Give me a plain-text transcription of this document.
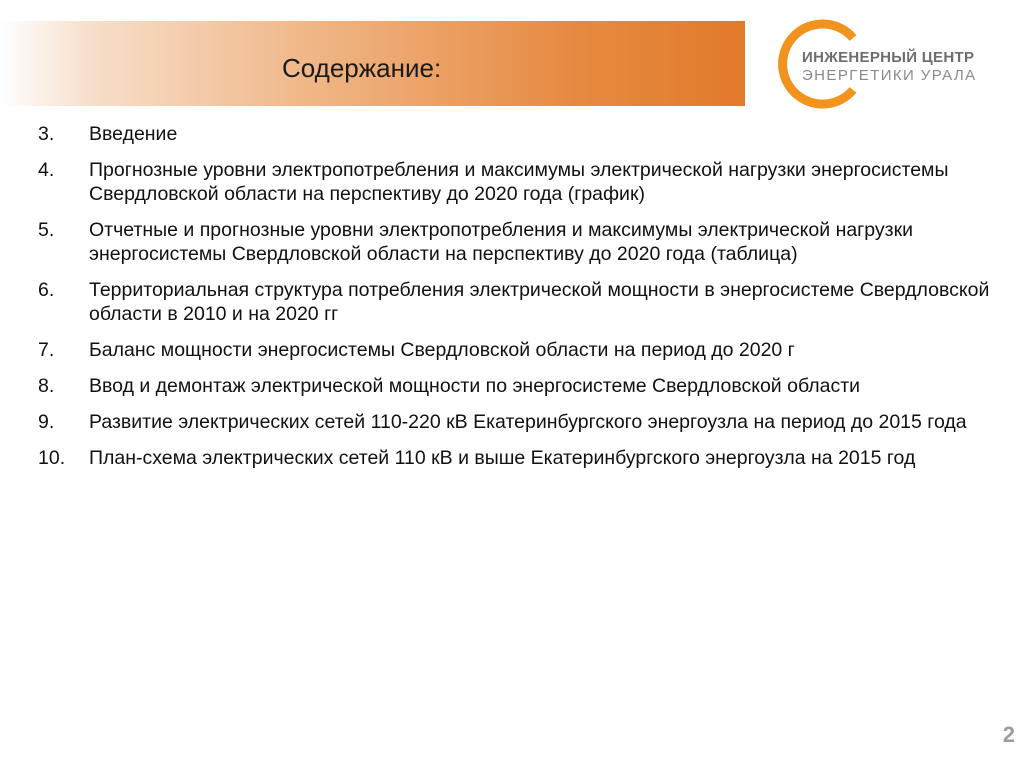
Содержание:	ИНЖЕНЕРНЫЙ ЦЕНТР
ЭНЕРГЕТИКИ УРАЛА
3.	Введение
4.	Прогнозные уровни электропотребления и максимумы электрической нагрузки энергосистемы Свердловской области на перспективу до 2020 года (график)
5.	Отчетные и прогнозные уровни электропотребления и максимумы электрической нагрузки энергосистемы Свердловской области на перспективу до 2020 года (таблица)
6.	Территориальная структура потребления электрической мощности в энергосистеме Свердловской области в 2010 и на 2020 гг
7.	Баланс мощности энергосистемы Свердловской области на период до 2020 г
8.	Ввод и демонтаж электрической мощности по энергосистеме Свердловской области
9.	Развитие электрических сетей 110-220 кВ Екатеринбургского энергоузла на период до 2015 года
10.	План-схема электрических сетей 110 кВ и выше Екатеринбургского энергоузла на 2015 год
2
